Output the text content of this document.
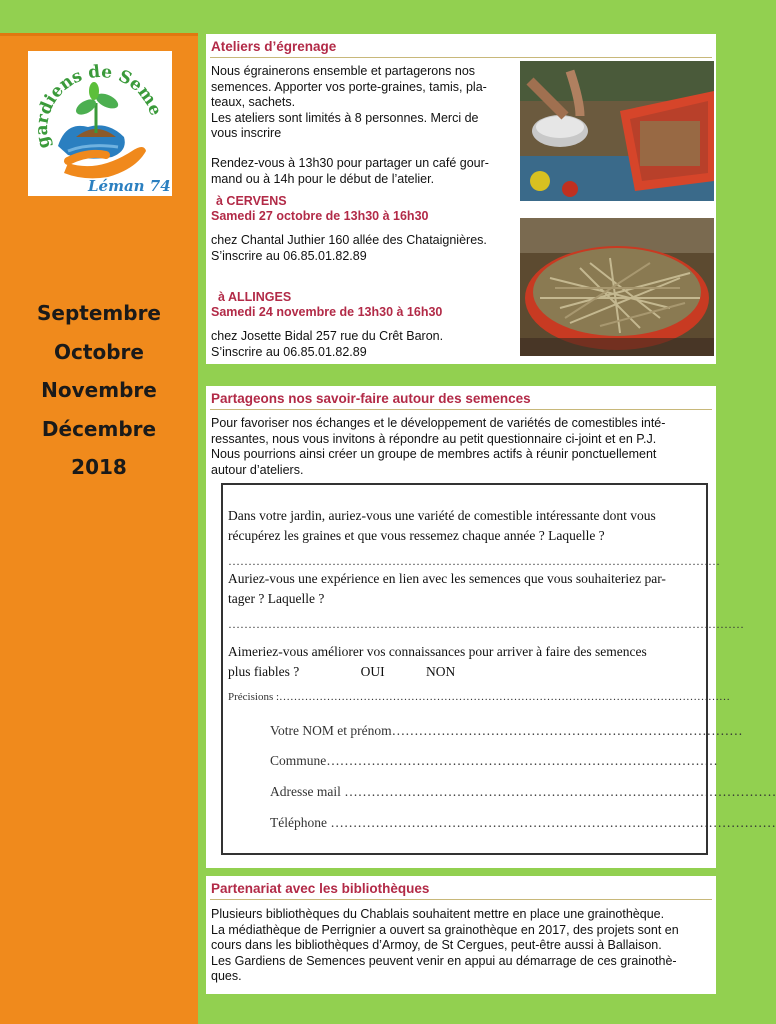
gardiens de Seme
Léman 74
Septembre
Octobre
Novembre
Décembre
2018
Ateliers d’égrenage
Nous égrainerons ensemble et partagerons nos
semences. Apporter vos porte-graines, tamis, pla-
teaux, sachets.
Les ateliers sont limités à 8 personnes. Merci de
vous inscrire
Rendez-vous à 13h30 pour partager un café gour-
mand ou à 14h pour le début de l’atelier.
à CERVENS
Samedi 27 octobre de 13h30 à 16h30
chez Chantal Juthier 160 allée des Chataignières.
S’inscrire au 06.85.01.82.89
à ALLINGES
Samedi 24 novembre de 13h30 à 16h30
chez Josette Bidal 257 rue du Crêt Baron.
S’inscrire au 06.85.01.82.89
Partageons nos savoir-faire autour des semences
Pour favoriser nos échanges et le développement de variétés de comestibles inté-
ressantes, nous vous invitons à répondre au petit questionnaire ci-joint et en P.J.
Nous pourrions ainsi créer un groupe de membres actifs à réunir ponctuellement
autour d’ateliers.
Dans votre jardin, auriez-vous une variété de comestible intéressante dont vous
récupérez les graines et que vous ressemez chaque année ? Laquelle ?
……………………………………………………………………………………………………………
Auriez-vous une expérience en lien avec les semences que vous souhaiteriez par-
tager ? Laquelle ?
…………………………………………………………………………………………………………………
Aimeriez-vous améliorer vos connaissances pour arriver à faire des semences
plus fiables ?	OUI	NON
Précisions :……………………………………………………………………………………………………………
Votre NOM et prénom……………………………………………………………………
Commune……………………………………………………………………………
Adresse mail ……………………………………………………………………………………
Téléphone ………………………………………………………………………………………
Partenariat avec les bibliothèques
Plusieurs bibliothèques du Chablais souhaitent mettre en place une grainothèque.
La médiathèque de Perrignier a ouvert sa grainothèque en 2017, des projets sont en
cours dans les bibliothèques d’Armoy, de St Cergues, peut-être aussi à Ballaison.
Les Gardiens de Semences peuvent venir en appui au démarrage de ces grainothè-
ques.
